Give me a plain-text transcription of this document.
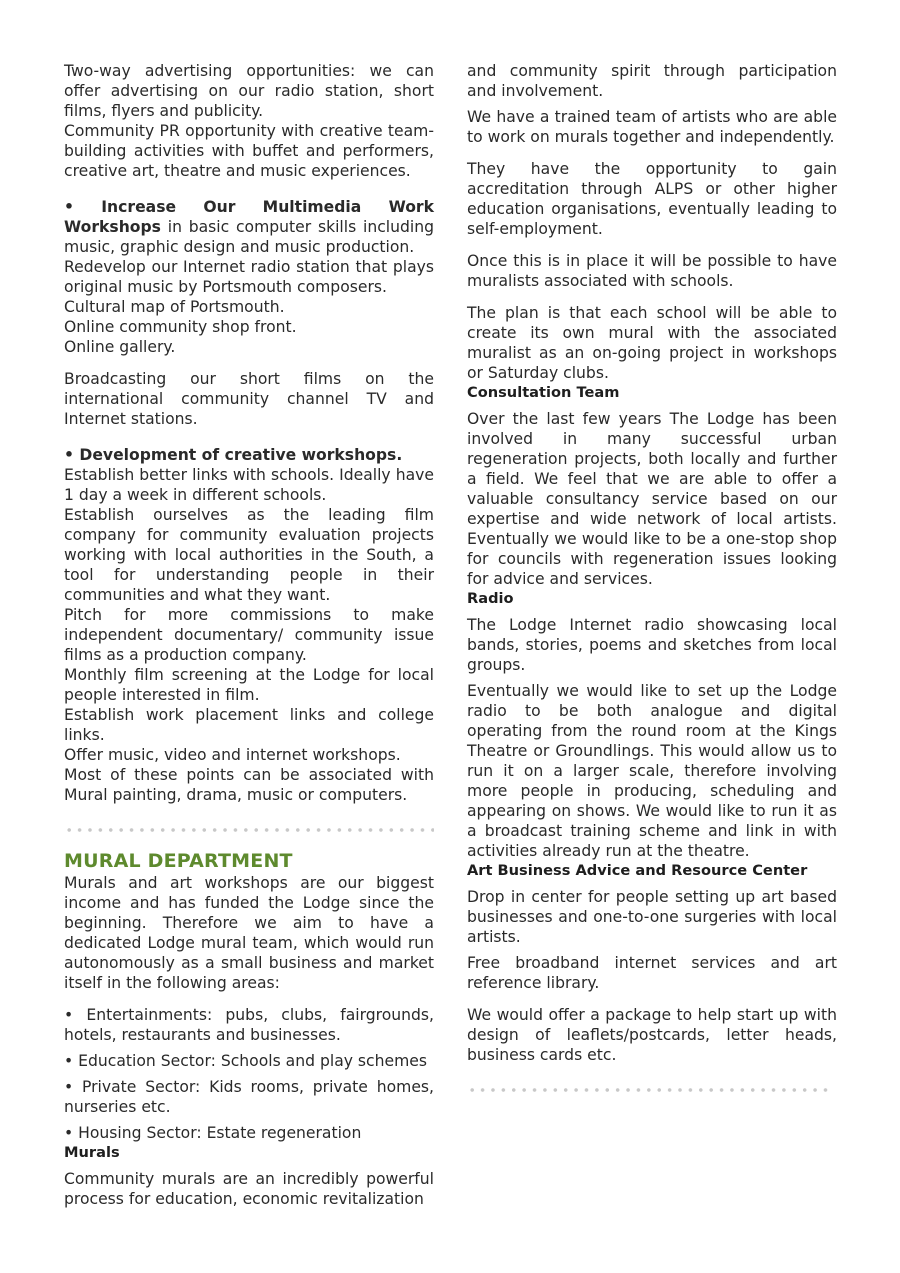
Two-way advertising opportunities: we can offer advertising on our radio station, short films, flyers and publicity.

Community PR opportunity with creative team-building activities with buffet and performers, creative art, theatre and music experiences.

• Increase Our Multimedia Work Workshops in basic computer skills including music, graphic design and music production.

Redevelop our Internet radio station that plays original music by Portsmouth composers.

Cultural map of Portsmouth.

Online community shop front.

Online gallery.

Broadcasting our short films on the international community channel TV and Internet stations.

• Development of creative workshops.

Establish better links with schools. Ideally have 1 day a week in different schools.

Establish ourselves as the leading film company for community evaluation projects working with local authorities in the South, a tool for understanding people in their communities and what they want.

Pitch for more commissions to make independent documentary/ community issue films as a production company.

Monthly film screening at the Lodge for local people interested in film.

Establish work placement links and college links.

Offer music, video and internet workshops.

Most of these points can be associated with Mural painting, drama, music or computers.

MURAL DEPARTMENT

Murals and art workshops are our biggest income and has funded the Lodge since the beginning. Therefore we aim to have a dedicated Lodge mural team, which would run autonomously as a small business and market itself in the following areas:

• Entertainments: pubs, clubs, fairgrounds, hotels, restaurants and businesses.

• Education Sector: Schools and play schemes

• Private Sector: Kids rooms, private homes, nurseries etc.

• Housing Sector: Estate regeneration

Murals

Community murals are an incredibly powerful process for education, economic revitalization

and community spirit through participation and involvement.

We have a trained team of artists who are able to work on murals together and independently.

They have the opportunity to gain accreditation through ALPS or other higher education organisations, eventually leading to self-employment.

Once this is in place it will be possible to have muralists associated with schools.

The plan is that each school will be able to create its own mural with the associated muralist as an on-going project in workshops or Saturday clubs.

Consultation Team

Over the last few years The Lodge has been involved in many successful urban regeneration projects, both locally and further a field. We feel that we are able to offer a valuable consultancy service based on our expertise and wide network of local artists. Eventually we would like to be a one-stop shop for councils with regeneration issues looking for advice and services.

Radio

The Lodge Internet radio showcasing local bands, stories, poems and sketches from local groups.

Eventually we would like to set up the Lodge radio to be both analogue and digital operating from the round room at the Kings Theatre or Groundlings. This would allow us to run it on a larger scale, therefore involving more people in producing, scheduling and appearing on shows. We would like to run it as a broadcast training scheme and link in with activities already run at the theatre.

Art Business Advice and Resource Center

Drop in center for people setting up art based businesses and one-to-one surgeries with local artists.

Free broadband internet services and art reference library.

We would offer a package to help start up with design of leaflets/postcards, letter heads, business cards etc.
